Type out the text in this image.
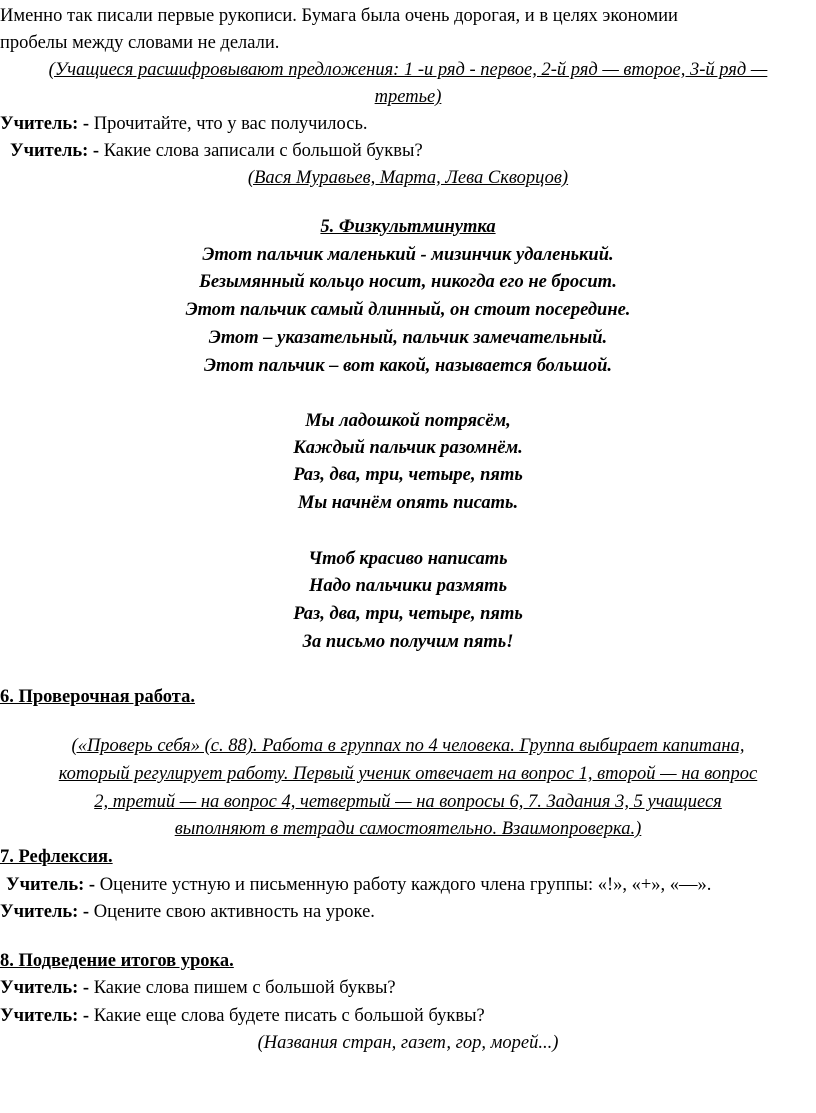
Именно так писали первые рукописи. Бумага была очень дорогая, и в целях экономии
пробелы между словами не делали.
(Учащиеся расшифровывают предложения: 1 -и ряд - первое, 2-й ряд — второе, 3-й ряд —
третье)
Учитель: - Прочитайте, что у вас получилось.
Учитель: - Какие слова записали с большой буквы?
(Вася Муравьев, Марта, Лева Скворцов)
5. Физкультминутка
Этот пальчик маленький - мизинчик удаленький.
Безымянный кольцо носит, никогда его не бросит.
Этот пальчик самый длинный, он стоит посередине.
Этот – указательный, пальчик замечательный.
Этот пальчик – вот какой, называется большой.
Мы ладошкой потрясём,
Каждый пальчик разомнём.
Раз, два, три, четыре, пять
Мы начнём опять писать.
Чтоб красиво написать
Надо пальчики размять
Раз, два, три, четыре, пять
За письмо получим пять!
6. Проверочная работа.
(«Проверь себя» (с. 88). Работа в группах по 4 человека. Группа выбирает капитана,
который регулирует работу. Первый ученик отвечает на вопрос 1, второй — на вопрос
2, третий — на вопрос 4, четвертый — на вопросы 6, 7. Задания 3, 5 учащиеся
выполняют в тетради самостоятельно. Взаимопроверка.)
7. Рефлексия.
Учитель: - Оцените устную и письменную работу каждого члена группы: «!», «+», «—».
Учитель: - Оцените свою активность на уроке.
8. Подведение итогов урока.
Учитель: - Какие слова пишем с большой буквы?
Учитель: - Какие еще слова будете писать с большой буквы?
(Названия стран, газет, гор, морей...)
